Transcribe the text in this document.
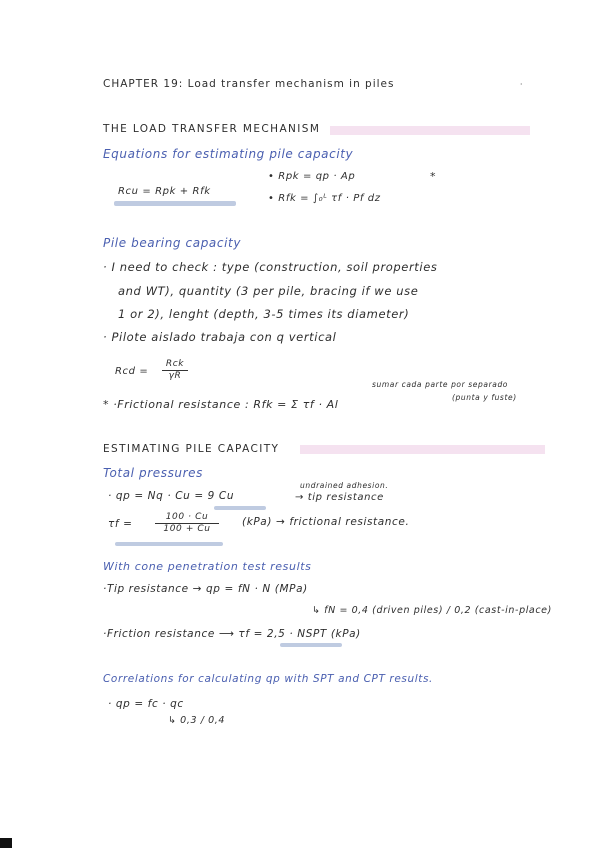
CHAPTER 19: Load transfer mechanism in piles	·
THE LOAD TRANSFER MECHANISM
Equations for estimating pile capacity
• Rpk = qp · Ap	*
Rcu = Rpk + Rfk
• Rfk = ∫₀ᴸ τf · Pf dz
Pile bearing capacity
· I need to check : type (construction, soil properties
and WT), quantity (3 per pile, bracing if we use
1 or 2), lenght (depth, 3-5 times its diameter)
· Pilote aislado trabaja con q vertical
Rcd =
Rck
γR
sumar cada parte por separado
(punta y fuste)
* ·Frictional resistance : Rfk = Σ τf · Al
ESTIMATING PILE CAPACITY
Total pressures
undrained adhesion.
· qp = Nq · Cu = 9 Cu	→ tip resistance
τf =
100 · Cu
100 + Cu
(kPa) → frictional resistance.
With cone penetration test results
·Tip resistance → qp = fN · N (MPa)
↳ fN = 0,4 (driven piles) / 0,2 (cast-in-place)
·Friction resistance ⟶ τf = 2,5 · NSPT (kPa)
Correlations for calculating qp with SPT and CPT results.
· qp = fc · qc
↳ 0,3 / 0,4
